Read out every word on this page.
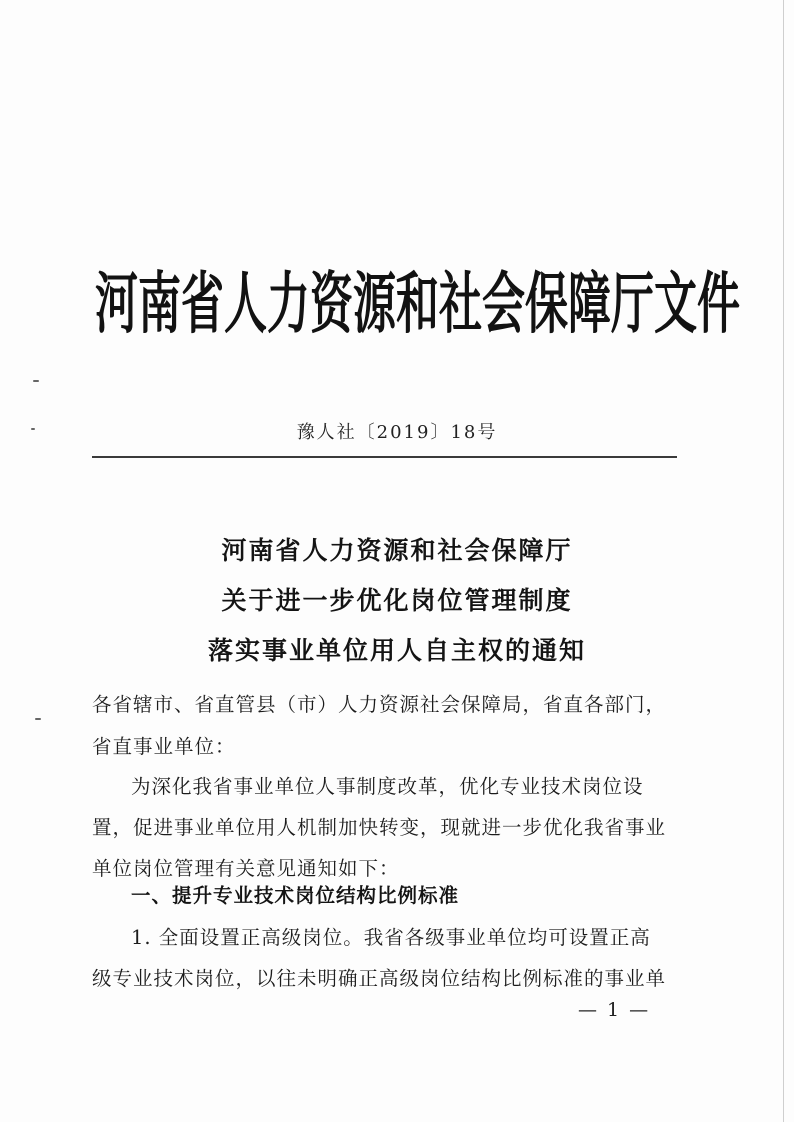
河南省人力资源和社会保障厅文件
豫人社〔2019〕18号
河南省人力资源和社会保障厅
关于进一步优化岗位管理制度
落实事业单位用人自主权的通知
各省辖市、省直管县（市）人力资源社会保障局，省直各部门，
省直事业单位：
为深化我省事业单位人事制度改革，优化专业技术岗位设
置，促进事业单位用人机制加快转变，现就进一步优化我省事业
单位岗位管理有关意见通知如下：
一、提升专业技术岗位结构比例标准
1. 全面设置正高级岗位。我省各级事业单位均可设置正高
级专业技术岗位，以往未明确正高级岗位结构比例标准的事业单
— 1 —
